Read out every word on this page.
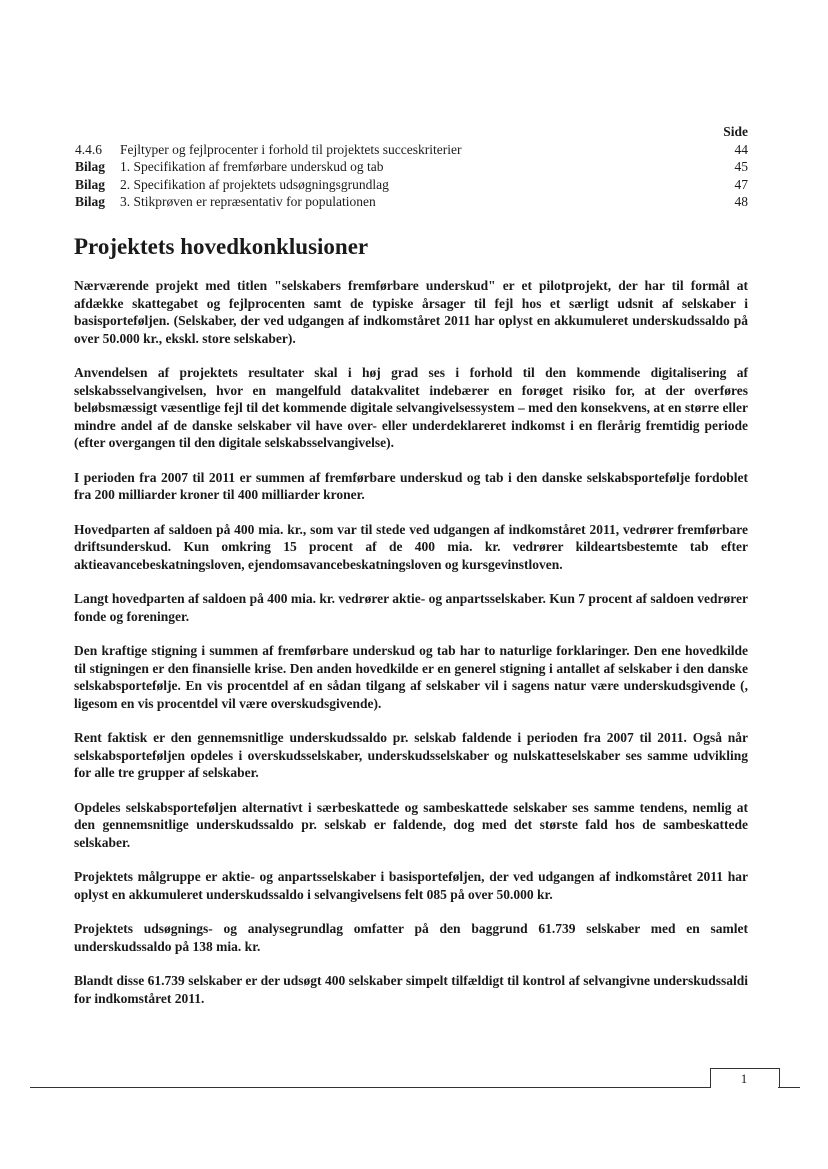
Side
4.4.6	Fejltyper og fejlprocenter i forhold til projektets succeskriterier	44
Bilag	1. Specifikation af fremførbare underskud og tab	45
Bilag	2. Specifikation af projektets udsøgningsgrundlag	47
Bilag	3. Stikprøven er repræsentativ for populationen	48
Projektets hovedkonklusioner

Nærværende projekt med titlen "selskabers fremførbare underskud" er et pilotprojekt, der har til formål at afdække skattegabet og fejlprocenten samt de typiske årsager til fejl hos et særligt udsnit af selskaber i basisporteføljen. (Selskaber, der ved udgangen af indkomståret 2011 har oplyst en akkumuleret underskudssaldo på over 50.000 kr., ekskl. store selskaber).

Anvendelsen af projektets resultater skal i høj grad ses i forhold til den kommende digitalisering af selskabsselvangivelsen, hvor en mangelfuld datakvalitet indebærer en forøget risiko for, at der overføres beløbsmæssigt væsentlige fejl til det kommende digitale selvangivelsessystem – med den konsekvens, at en større eller mindre andel af de danske selskaber vil have over- eller underdeklareret indkomst i en flerårig fremtidig periode (efter overgangen til den digitale selskabsselvangivelse).

I perioden fra 2007 til 2011 er summen af fremførbare underskud og tab i den danske selskabsportefølje fordoblet fra 200 milliarder kroner til 400 milliarder kroner.

Hovedparten af saldoen på 400 mia. kr., som var til stede ved udgangen af indkomståret 2011, vedrører fremførbare driftsunderskud. Kun omkring 15 procent af de 400 mia. kr. vedrører kildeartsbestemte tab efter aktieavancebeskatningsloven, ejendomsavancebeskatningsloven og kursgevinstloven.

Langt hovedparten af saldoen på 400 mia. kr. vedrører aktie- og anpartsselskaber. Kun 7 procent af saldoen vedrører fonde og foreninger.

Den kraftige stigning i summen af fremførbare underskud og tab har to naturlige forklaringer. Den ene hovedkilde til stigningen er den finansielle krise. Den anden hovedkilde er en generel stigning i antallet af selskaber i den danske selskabsportefølje. En vis procentdel af en sådan tilgang af selskaber vil i sagens natur være underskudsgivende (, ligesom en vis procentdel vil være overskudsgivende).

Rent faktisk er den gennemsnitlige underskudssaldo pr. selskab faldende i perioden fra 2007 til 2011. Også når selskabsporteføljen opdeles i overskudsselskaber, underskudsselskaber og nulskatteselskaber ses samme udvikling for alle tre grupper af selskaber.

Opdeles selskabsporteføljen alternativt i særbeskattede og sambeskattede selskaber ses samme tendens, nemlig at den gennemsnitlige underskudssaldo pr. selskab er faldende, dog med det største fald hos de sambeskattede selskaber.

Projektets målgruppe er aktie- og anpartsselskaber i basisporteføljen, der ved udgangen af indkomståret 2011 har oplyst en akkumuleret underskudssaldo i selvangivelsens felt 085 på over 50.000 kr.

Projektets udsøgnings- og analysegrundlag omfatter på den baggrund 61.739 selskaber med en samlet underskudssaldo på 138 mia. kr.

Blandt disse 61.739 selskaber er der udsøgt 400 selskaber simpelt tilfældigt til kontrol af selvangivne underskudssaldi for indkomståret 2011.

1
